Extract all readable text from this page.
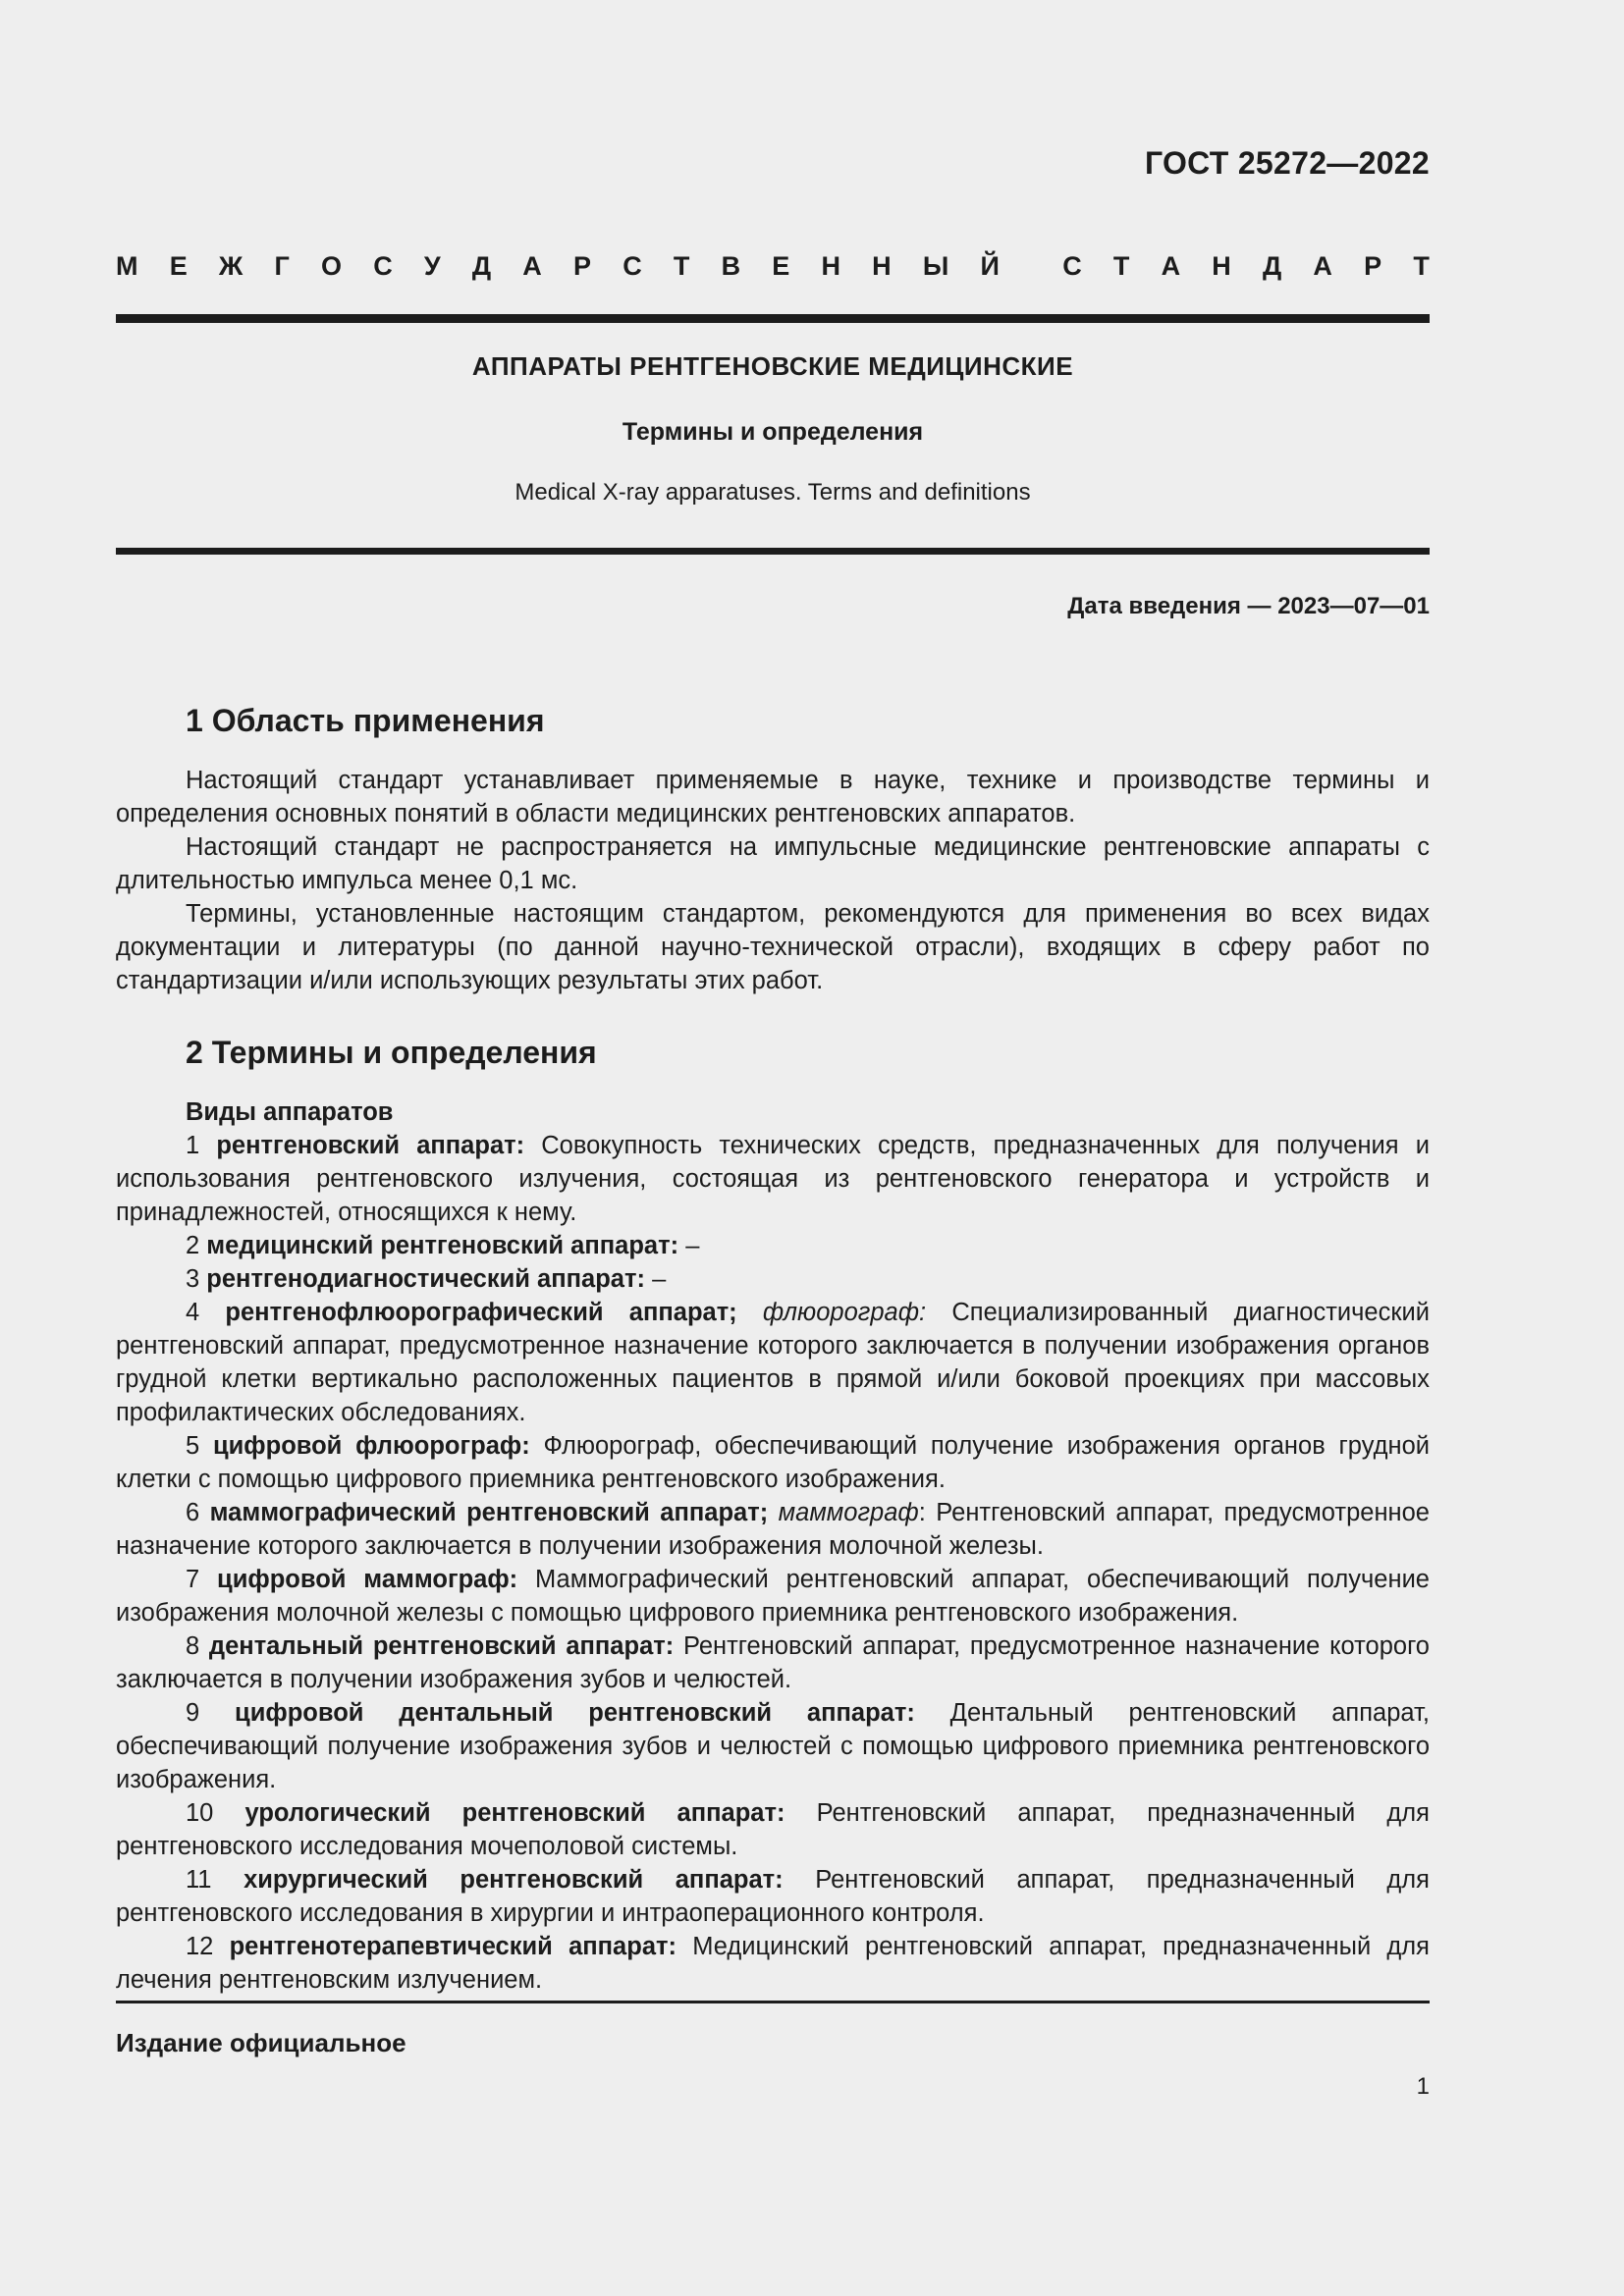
ГОСТ 25272—2022
М Е Ж Г О С У Д А Р С Т В Е Н Н Ы Й С Т А Н Д А Р Т
АППАРАТЫ РЕНТГЕНОВСКИЕ МЕДИЦИНСКИЕ
Термины и определения
Medical X-ray apparatuses. Terms and definitions
Дата введения — 2023—07—01
1 Область применения

Настоящий стандарт устанавливает применяемые в науке, технике и производстве термины и определения основных понятий в области медицинских рентгеновских аппаратов.

Настоящий стандарт не распространяется на импульсные медицинские рентгеновские аппараты с длительностью импульса менее 0,1 мс.

Термины, установленные настоящим стандартом, рекомендуются для применения во всех видах документации и литературы (по данной научно-технической отрасли), входящих в сферу работ по стандартизации и/или использующих результаты этих работ.

2 Термины и определения
Виды аппаратов

1 рентгеновский аппарат: Совокупность технических средств, предназначенных для получения и использования рентгеновского излучения, состоящая из рентгеновского генератора и устройств и принадлежностей, относящихся к нему.

2 медицинский рентгеновский аппарат: –

3 рентгенодиагностический аппарат: –

4 рентгенофлюорографический аппарат; флюорограф: Специализированный диагностический рентгеновский аппарат, предусмотренное назначение которого заключается в получении изображения органов грудной клетки вертикально расположенных пациентов в прямой и/или боковой проекциях при массовых профилактических обследованиях.

5 цифровой флюорограф: Флюорограф, обеспечивающий получение изображения органов грудной клетки с помощью цифрового приемника рентгеновского изображения.

6 маммографический рентгеновский аппарат; маммограф: Рентгеновский аппарат, предусмотренное назначение которого заключается в получении изображения молочной железы.

7 цифровой маммограф: Маммографический рентгеновский аппарат, обеспечивающий получение изображения молочной железы с помощью цифрового приемника рентгеновского изображения.

8 дентальный рентгеновский аппарат: Рентгеновский аппарат, предусмотренное назначение которого заключается в получении изображения зубов и челюстей.

9 цифровой дентальный рентгеновский аппарат: Дентальный рентгеновский аппарат, обеспечивающий получение изображения зубов и челюстей с помощью цифрового приемника рентгеновского изображения.

10 урологический рентгеновский аппарат: Рентгеновский аппарат, предназначенный для рентгеновского исследования мочеполовой системы.

11 хирургический рентгеновский аппарат: Рентгеновский аппарат, предназначенный для рентгеновского исследования в хирургии и интраоперационного контроля.

12 рентгенотерапевтический аппарат: Медицинский рентгеновский аппарат, предназначенный для лечения рентгеновским излучением.

Издание официальное
1
